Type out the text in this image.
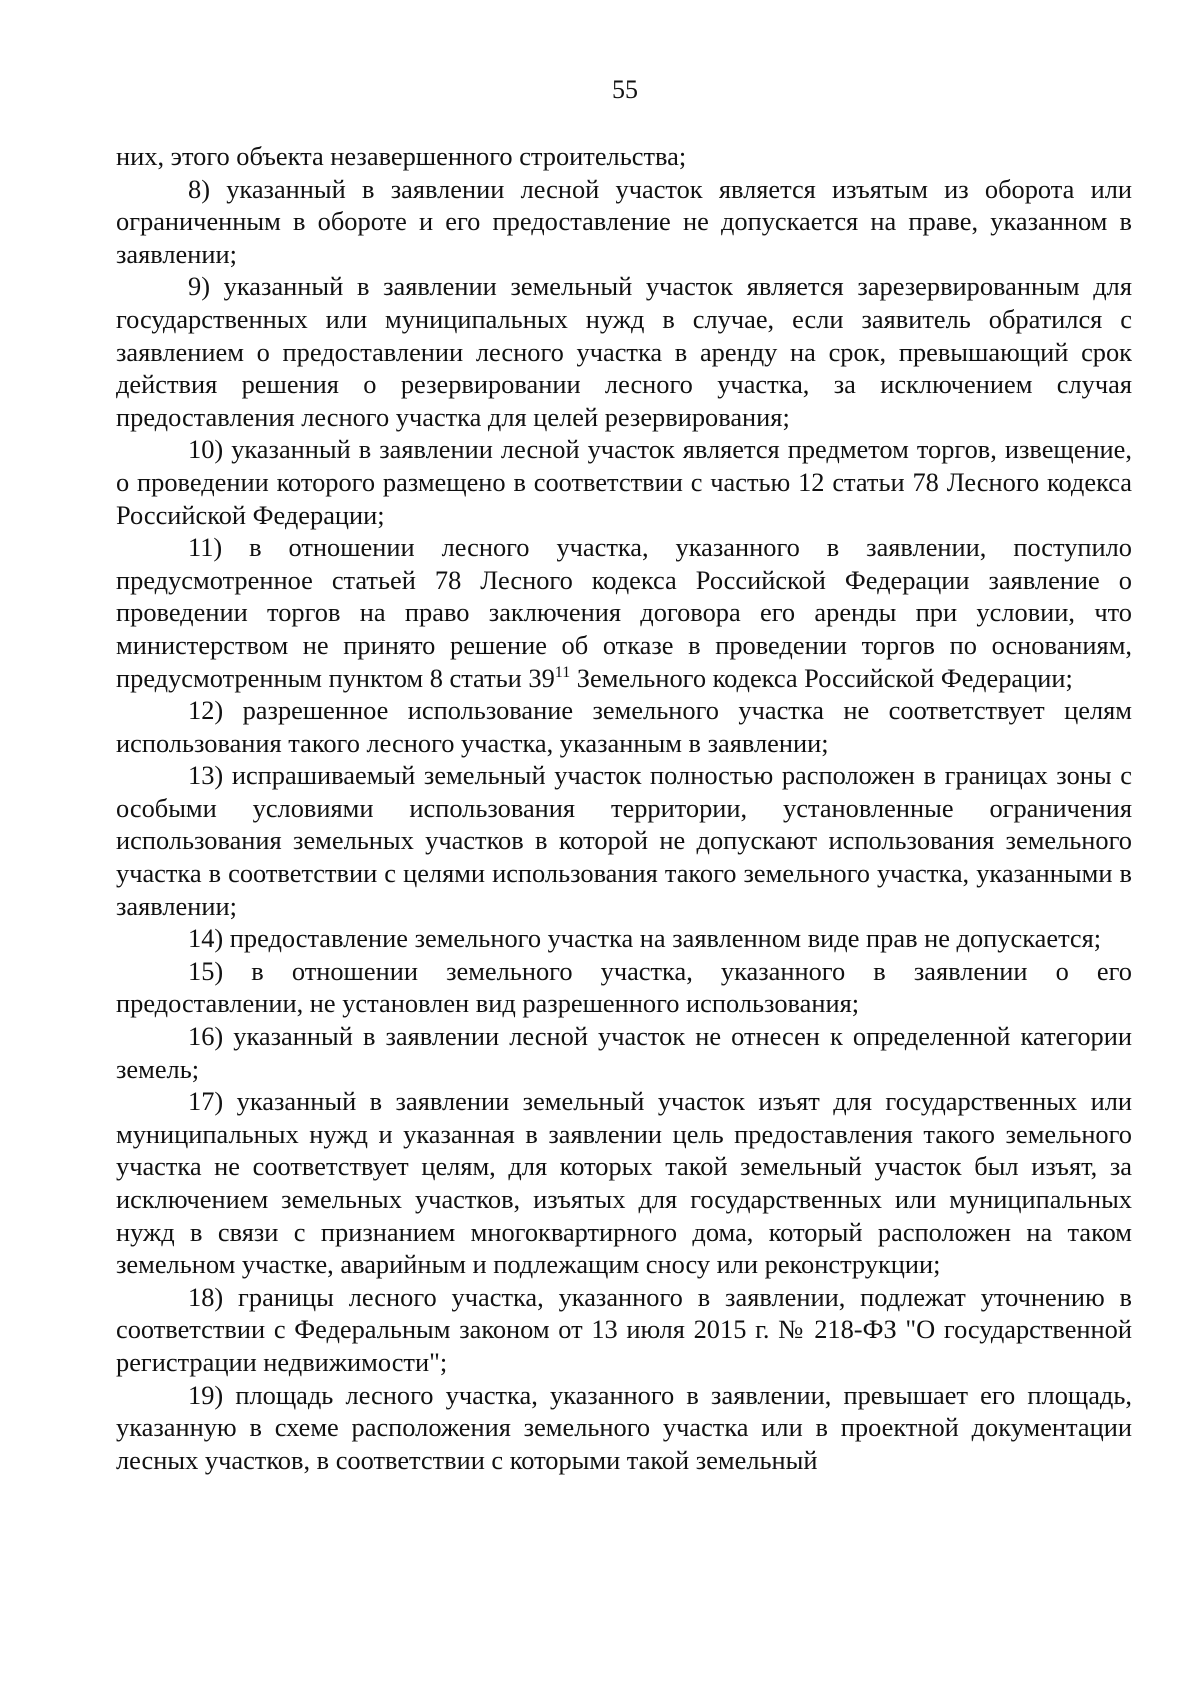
55

них, этого объекта незавершенного строительства;

8) указанный в заявлении лесной участок является изъятым из оборота или ограниченным в обороте и его предоставление не допускается на праве, указанном в заявлении;

9) указанный в заявлении земельный участок является зарезервированным для государственных или муниципальных нужд в случае, если заявитель обратился с заявлением о предоставлении лесного участка в аренду на срок, превышающий срок действия решения о резервировании лесного участка, за исключением случая предоставления лесного участка для целей резервирования;

10) указанный в заявлении лесной участок является предметом торгов, извещение, о проведении которого размещено в соответствии с частью 12 статьи 78 Лесного кодекса Российской Федерации;

11) в отношении лесного участка, указанного в заявлении, поступило предусмотренное статьей 78 Лесного кодекса Российской Федерации заявление о проведении торгов на право заключения договора его аренды при условии, что министерством не принято решение об отказе в проведении торгов по основаниям, предусмотренным пунктом 8 статьи $39^{11}$ Земельного кодекса Российской Федерации;

12) разрешенное использование земельного участка не соответствует целям использования такого лесного участка, указанным в заявлении;

13) испрашиваемый земельный участок полностью расположен в границах зоны с особыми условиями использования территории, установленные ограничения использования земельных участков в которой не допускают использования земельного участка в соответствии с целями использования такого земельного участка, указанными в заявлении;

14) предоставление земельного участка на заявленном виде прав не допускается;

15) в отношении земельного участка, указанного в заявлении о его предоставлении, не установлен вид разрешенного использования;

16) указанный в заявлении лесной участок не отнесен к определенной категории земель;

17) указанный в заявлении земельный участок изъят для государственных или муниципальных нужд и указанная в заявлении цель предоставления такого земельного участка не соответствует целям, для которых такой земельный участок был изъят, за исключением земельных участков, изъятых для государственных или муниципальных нужд в связи с признанием многоквартирного дома, который расположен на таком земельном участке, аварийным и подлежащим сносу или реконструкции;

18) границы лесного участка, указанного в заявлении, подлежат уточнению в соответствии с Федеральным законом от 13 июля 2015 г. № 218-ФЗ "О государственной регистрации недвижимости";

19) площадь лесного участка, указанного в заявлении, превышает его площадь, указанную в схеме расположения земельного участка или в проектной документации лесных участков, в соответствии с которыми такой земельный
